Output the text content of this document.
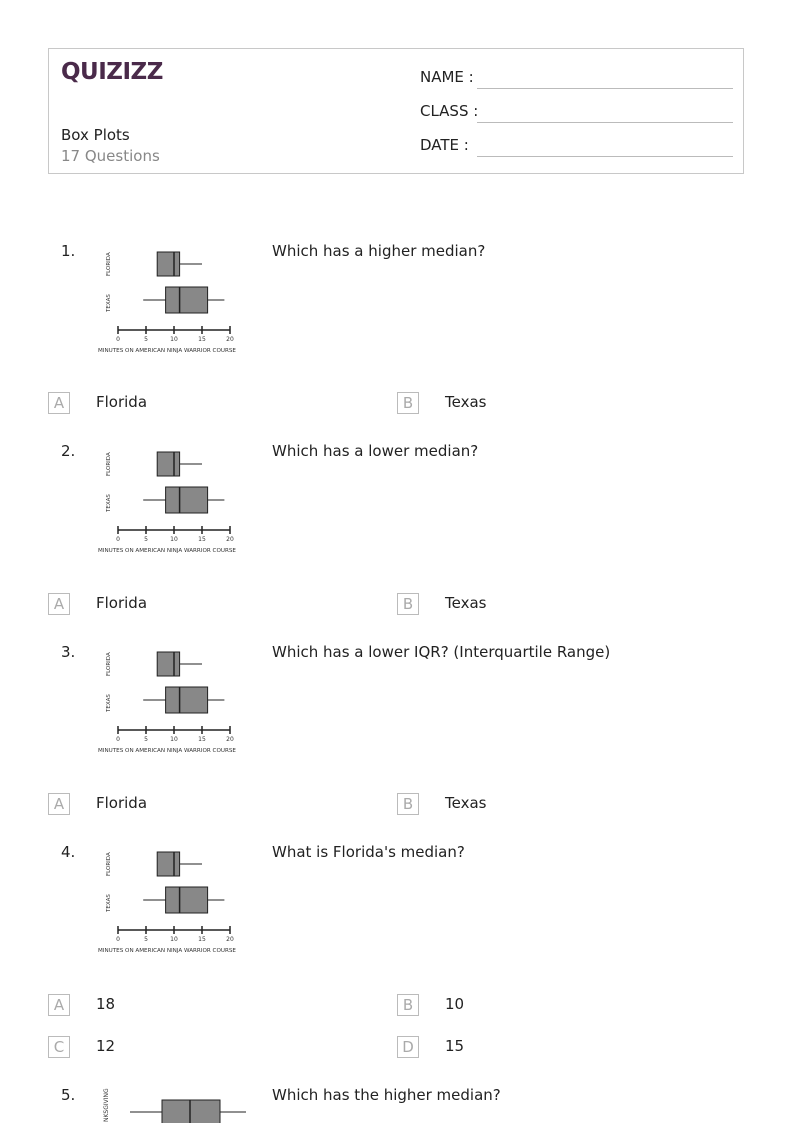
QUIZIZZ
Box Plots
17 Questions
NAME :
CLASS :
DATE :
1.
FLORIDA
TEXAS
0	5	10	15	20
MINUTES ON AMERICAN NINJA WARRIOR COURSE
Which has a higher median?
A	Florida	B	Texas
2.
FLORIDA
TEXAS
0	5	10	15	20
MINUTES ON AMERICAN NINJA WARRIOR COURSE
Which has a lower median?
A	Florida	B	Texas
3.
FLORIDA
TEXAS
0	5	10	15	20
MINUTES ON AMERICAN NINJA WARRIOR COURSE
Which has a lower IQR? (Interquartile Range)
A	Florida	B	Texas
4.
FLORIDA
TEXAS
0	5	10	15	20
MINUTES ON AMERICAN NINJA WARRIOR COURSE
What is Florida's median?
A	18	B	10
C	12	D	15
5.	NKSGIVING	Which has the higher median?
